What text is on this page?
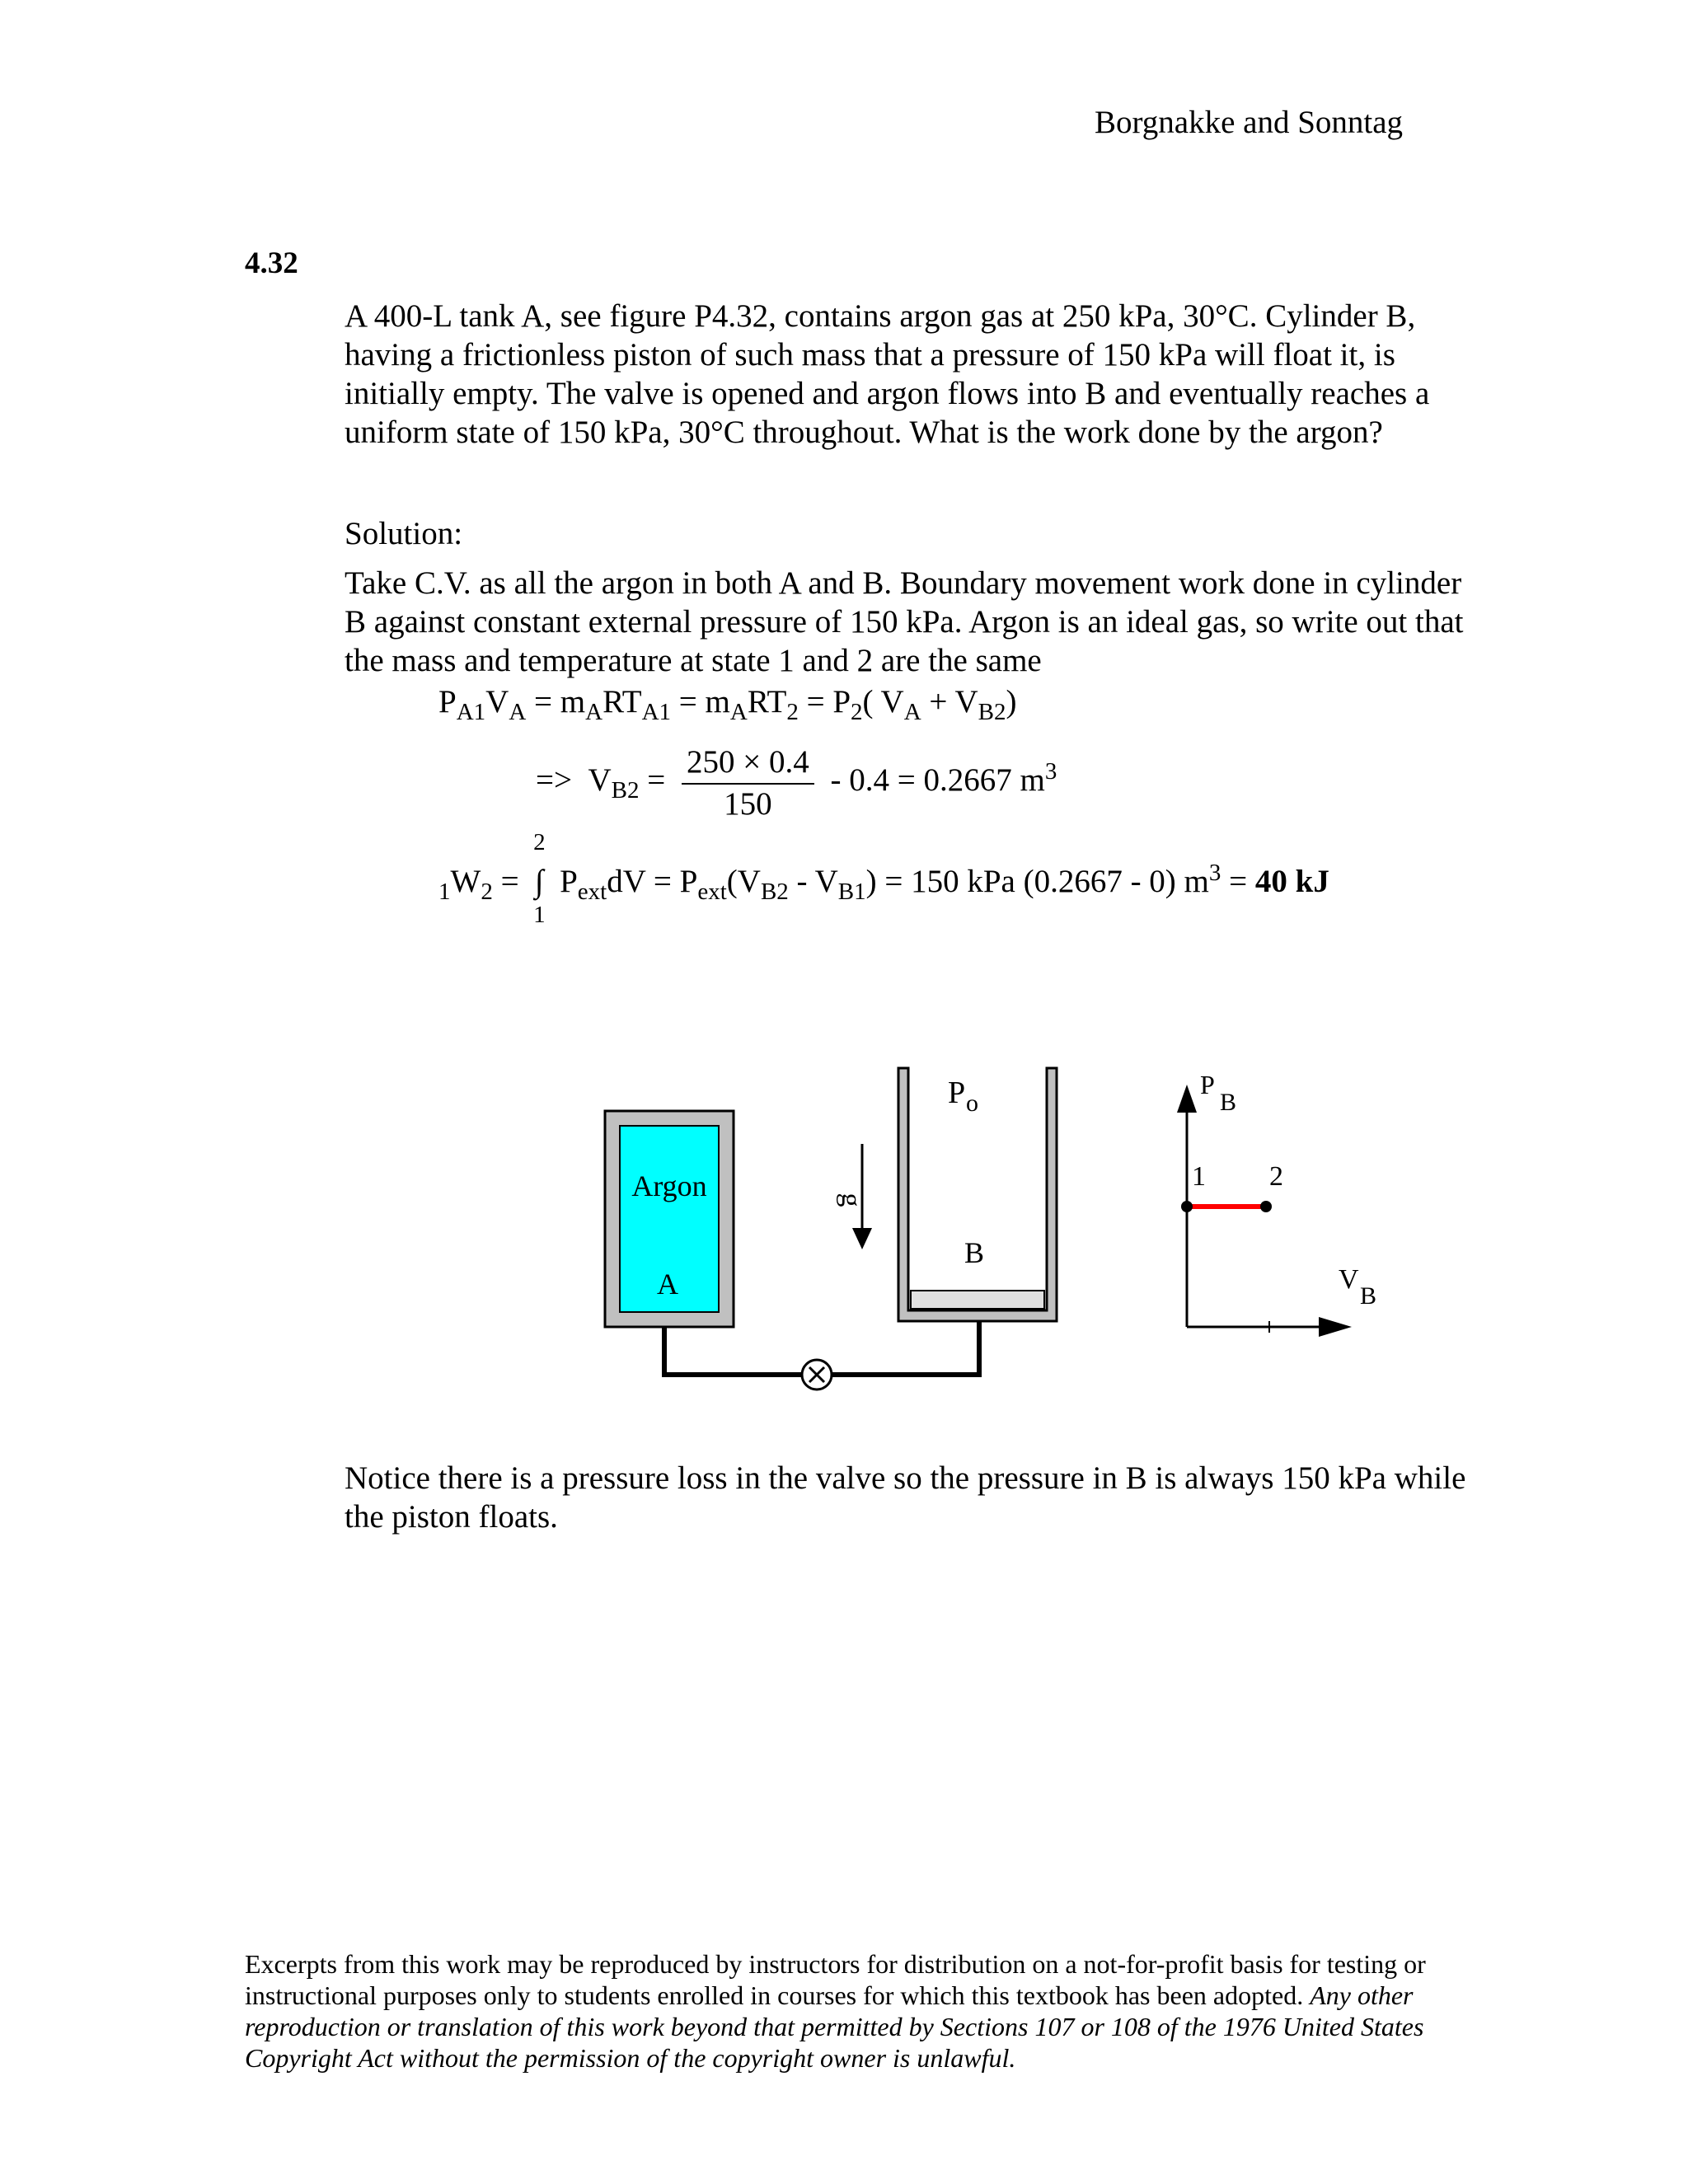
Borgnakke and Sonntag
4.32
A 400-L tank A, see figure P4.32, contains argon gas at 250 kPa, 30°C. Cylinder B, having a frictionless piston of such mass that a pressure of 150 kPa will float it, is initially empty. The valve is opened and argon flows into B and eventually reaches a uniform state of 150 kPa, 30°C throughout. What is the work done by the argon?
Solution:
Take C.V. as all the argon in both A and B. Boundary movement work done in cylinder B against constant external pressure of 150 kPa. Argon is an ideal gas, so write out that the mass and temperature at state 1 and 2 are the same
$P_{A1}V_A = m_ART_{A1} = m_ART_2 = P_2$( $V_A + V_{B2}$)
=>  $V_{B2} = \frac{250 \times 0.4}{150} - 0.4 = 0.2667$ $m^3$
$_1W_2$ =
2
∫
1
$P_{ext}dV = P_{ext}(V_{B2} - V_{B1}) = 150$ kPa (0.2667 - 0) $m^3 = 40$ kJ
Argon
A
g
P o
B
P
B
1 2
V
B
Notice there is a pressure loss in the valve so the pressure in B is always 150 kPa while the piston floats.
Excerpts from this work may be reproduced by instructors for distribution on a not-for-profit basis for testing or instructional purposes only to students enrolled in courses for which this textbook has been adopted. Any other reproduction or translation of this work beyond that permitted by Sections 107 or 108 of the 1976 United States Copyright Act without the permission of the copyright owner is unlawful.
